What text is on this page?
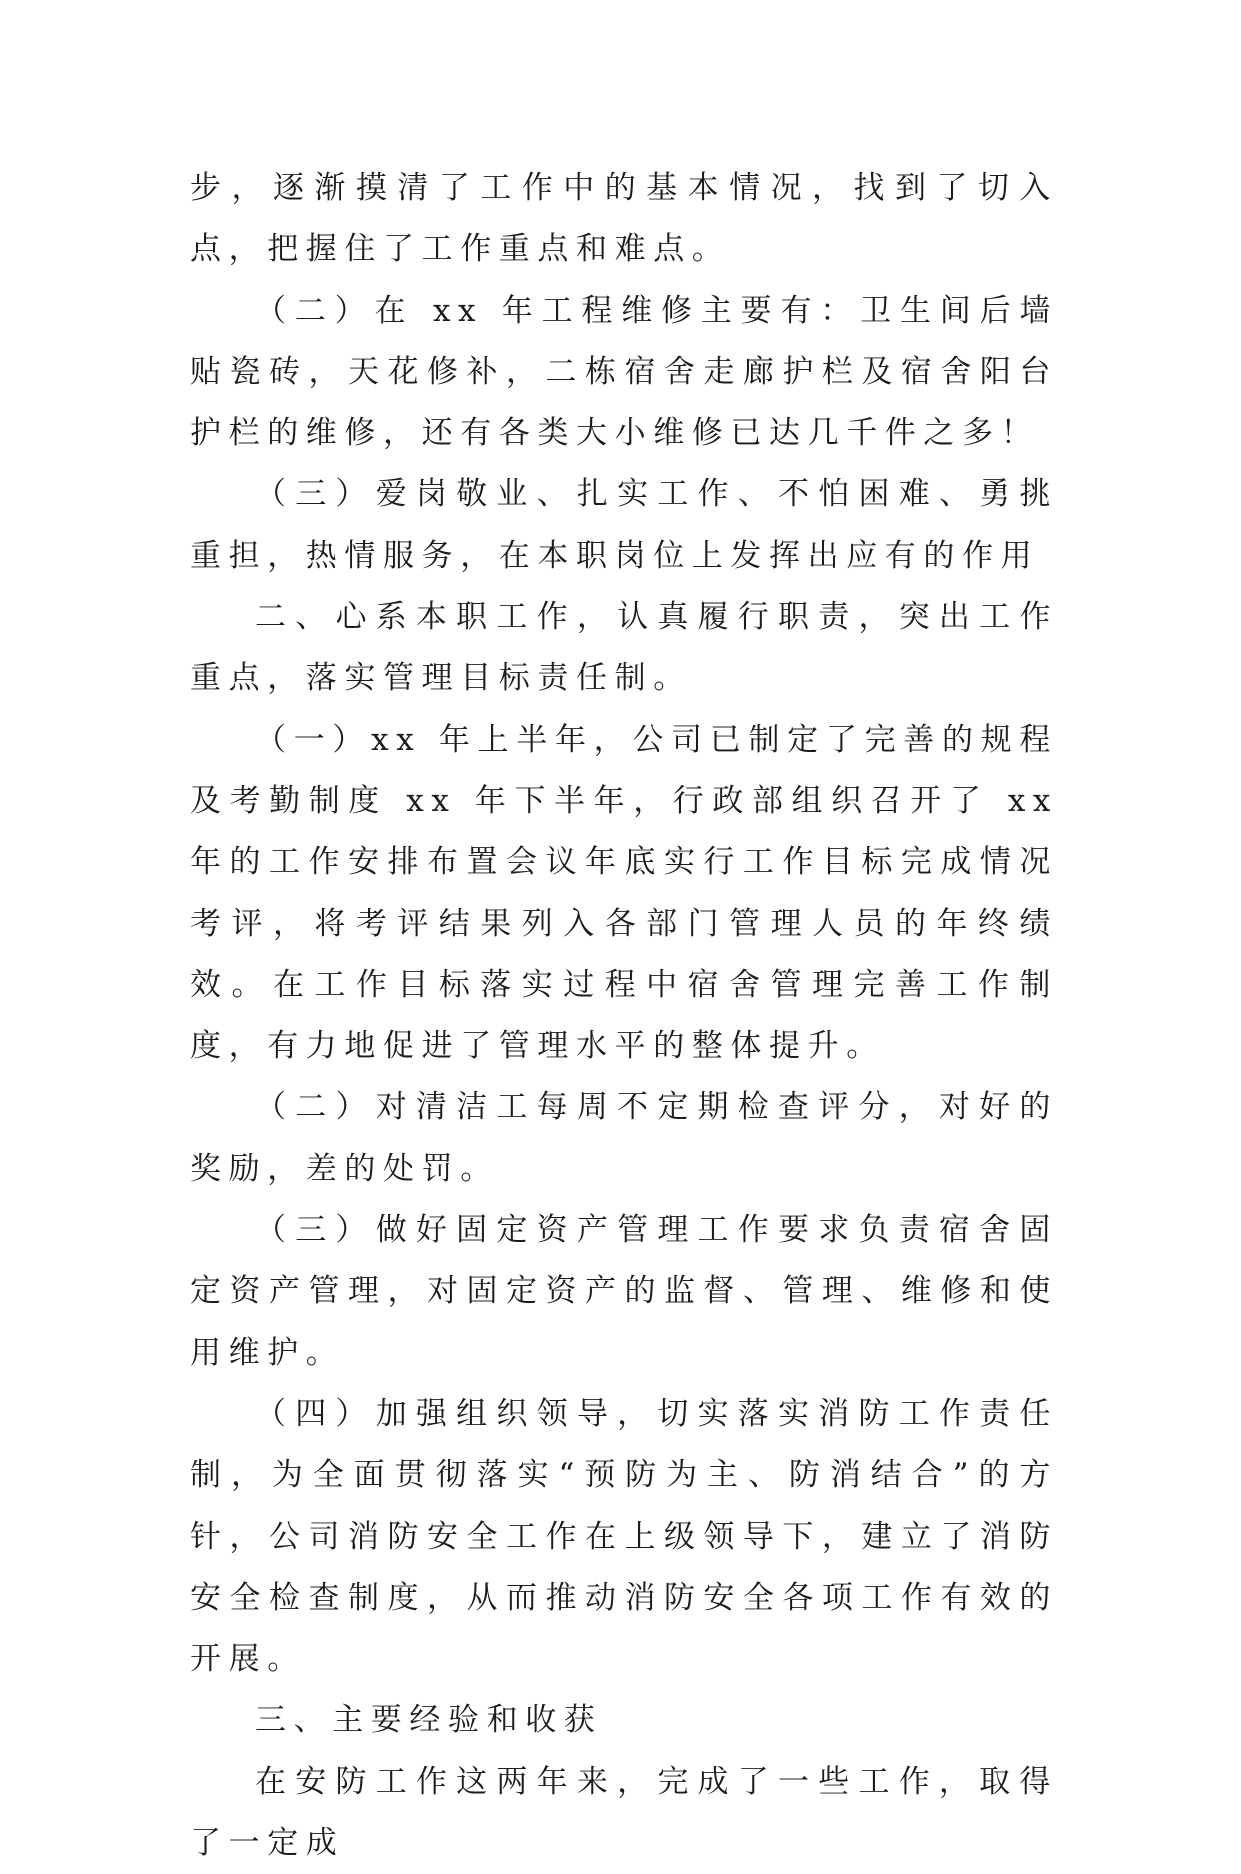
步，逐渐摸清了工作中的基本情况，找到了切入点，把握住了工作重点和难点。

（二）在 xx 年工程维修主要有：卫生间后墙贴瓷砖，天花修补，二栋宿舍走廊护栏及宿舍阳台护栏的维修，还有各类大小维修已达几千件之多！

（三）爱岗敬业、扎实工作、不怕困难、勇挑重担，热情服务，在本职岗位上发挥出应有的作用

二、心系本职工作，认真履行职责，突出工作重点，落实管理目标责任制。

（一）xx 年上半年，公司已制定了完善的规程及考勤制度 xx 年下半年，行政部组织召开了 xx 年的工作安排布置会议年底实行工作目标完成情况考评，将考评结果列入各部门管理人员的年终绩效。在工作目标落实过程中宿舍管理完善工作制度，有力地促进了管理水平的整体提升。

（二）对清洁工每周不定期检查评分，对好的奖励，差的处罚。

（三）做好固定资产管理工作要求负责宿舍固定资产管理，对固定资产的监督、管理、维修和使用维护。

（四）加强组织领导，切实落实消防工作责任制，为全面贯彻落实“预防为主、防消结合”的方针，公司消防安全工作在上级领导下，建立了消防安全检查制度，从而推动消防安全各项工作有效的开展。

三、主要经验和收获

在安防工作这两年来，完成了一些工作，取得了一定成
